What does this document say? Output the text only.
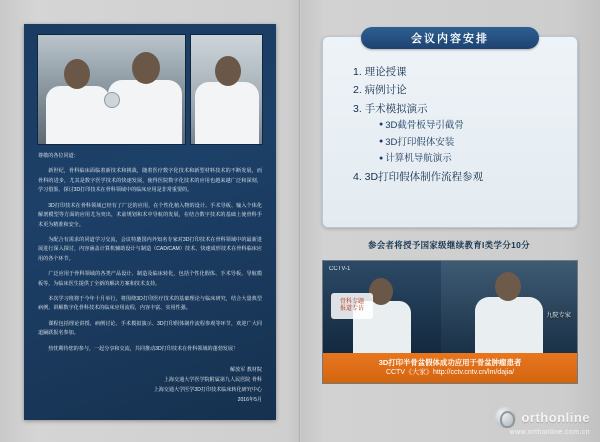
尊敬的各位同道：

新世纪，骨科临床面临着新技术和挑战，随着医疗数字化技术和新型材料技术的不断发展，而骨科的进步，尤其是数字医学技术的快速发展，使得医院数字化技术的应用也越来越广泛和深刻，学习借鉴、探讨3D打印技术在骨科领域中的临床应用是非常重要的。

3D打印技术在骨科领域已经有了广泛的应用，在个性化植入物的设计、手术导板、输入个体化解剖模型等方面的应用尤为突出，术前规划和术中导航的发展，在结合数字技术的基础上使骨科手术更为精准和安全。

为配合有需求的同道学习交流，会议特邀国内外知名专家对3D打印技术在骨科领域中的最新进展进行深入探讨，内容涵盖计算机辅助设计与制造（CAD/CAM）技术、快速成形技术在骨科临床应用的各个环节。

广泛应用于骨科领域的各类产品设计、制造及临床转化，包括个性化假体、手术导板、导航模板等，为临床医生提供了全新的解决方案和技术支持。

本次学习班将于今年十月举行，将围绕3D打印医疗技术的基础理论与临床研究，结合大量典型病例，讲解数字化骨科技术的临床应用流程，内容丰富、实用性强。

课程包括理论讲授、病例讨论、手术模拟演示、3D打印假体制作流程参观等环节，欢迎广大同道踊跃报名参加。

热忱期待您的参与，一起分享和交流，共同推动3D打印技术在骨科领域的蓬勃发展！

解放军 教材院
上海交通大学医学院附属第九人民医院 骨科
上海交通大学医学3D打印技术临床转化研究中心
2016年5月
会议内容安排
1. 理论授课
2. 病例讨论
3. 手术模拟演示
● 3D截骨板导引截骨
● 3D打印假体安装
● 计算机导航演示
4. 3D打印假体制作流程参观
参会者将授予国家级继续教育I类学分10分
CCTV-1
骨科专题
报道专访
九院专家
3D打印半骨盆假体成功应用于骨盆肿瘤患者
CCTV《大家》http://cctv.cntv.cn/lm/dajia/
orthonline
www.orthonline.com.cn
